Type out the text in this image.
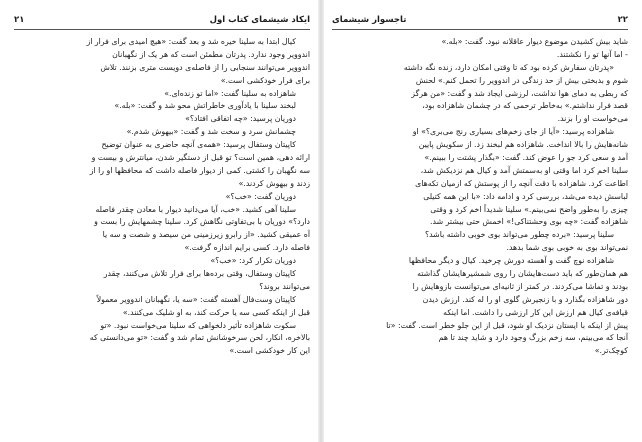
ایکاد شیشمای کتاب اول
۲۱

کیال ابتدا به سلینا خیره شد و بعد گفت: «هیچ امیدی برای فرار از

اندوویر وجود ندارد. پدرتان مطمئن است که هر یک از نگهبانان

اندوویر می‌توانند سنجابی را از فاصله‌ی دویست متری بزنند. تلاش

برای فرار خودکشی است.»

شاهزاده به سلینا گفت: «اما تو زنده‌ای.»

لبخند سلینا با یادآوری خاطراتش محو شد و گفت: «بله.»

دوریان پرسید: «چه اتفاقی افتاد؟»

چشمانش سرد و سخت شد و گفت: «بیهوش شدم.»

کاپیتان وستفال پرسید: «همه‌ی آنچه حاضری به عنوان توضیح

ارائه دهی، همین است؟ تو قبل از دستگیر شدن، میانترش و بیست و

سه نگهبان را کشتی. کمی از دیوار فاصله داشت که محافظها او را از

زدند و بیهوش کردند.»

دوریان گفت: «خب؟»

سلینا آهی کشید. «خب، آیا می‌دانید دیوار با معادن چقدر فاصله

دارد؟» دوریان با بی‌تفاوتی نگاهش کرد. سلینا چشمهایش را بست و

آه عمیقی کشید. «از رابرو زیرزمینی من سیصد و شصت و سه یا

فاصله دارد. کسی برایم اندازه گرفت.»

دوریان تکرار کرد: «خب؟»

کاپیتان وستفال، وقتی برده‌ها برای فرار تلاش می‌کنند، چقدر

می‌توانند بروند؟

کاپیتان وست‌فال آهسته گفت: «سه یا، نگهبانان اندوویر معمولاً

قبل از اینکه کسی سه یا حرکت کند، به او شلیک می‌کنند.»

سکوت شاهزاده تأثیر دلخواهی که سلینا می‌خواست نبود. «تو

بالاخره، انکار، لحن سرخوشانش تمام شد و گفت: «تو می‌دانستی که

این کار خودکشی است.»

۲۲
تاجسوار شیشمای

شاید بیش کشیدن موضوع دیوار عاقلانه نبود. گفت: «بله.»

- اما آنها تو را نکشتند.

«پدرتان سفارش کرده بود که تا وقتی امکان دارد، زنده نگه داشته

شوم و بدبختی بیش از حد زندگی در اندوویر را تحمل کنم.» لحنش

که ربطی به دمای هوا نداشت، لرزشی ایجاد شد و گفت: «من هرگز

قصد فرار نداشتم.» به‌خاطر ترحمی که در چشمان شاهزاده بود،

می‌خواست او را بزند.

شاهزاده پرسید: «آیا از جای زخم‌های بسیاری رنج می‌بری؟» او

شانه‌هایش را بالا انداخت. شاهزاده هم لبخند زد. از سکویش پایین

آمد و سعی کرد جو را عوض کند. گفت: «بگذار پشتت را ببینم.»

سلینا اخم کرد اما وقتی او به‌سمتش آمد و کیال هم نزدیکش شد،

اطاعت کرد. شاهزاده با دقت آنچه را از پوستش که ازمیان تکه‌های

لباسش دیده می‌شد، بررسی کرد و ادامه داد: «با این همه کتیلی

چیزی را به‌طور واضح نمی‌بینم.» سلینا شدیداً اخم کرد و وقتی

شاهزاده گفت: «چه بوی وحشتناکی!» اخمش حتی بیشتر شد.

سلینا پرسید: «برده چطور می‌تواند بوی خوبی داشته باشد؟

نمی‌تواند بوی به خوبی بوی شما بدهد.

شاهزاده نوچ گفت و آهسته دورش چرخید. کیال و دیگر محافظها

هم همان‌طور که باید دست‌هایشان را روی شمشیرهایشان گذاشته

بودند و تماشا می‌کردند. در کمتر از ثانیه‌ای می‌توانست بازوهایش را

دور شاهزاده بگذارد و با زنجیرش گلوی او را له کند. ارزش دیدن

قیافه‌ی کیال هم ارزش این کار ارزشی را داشت. اما اینکه

پیش از اینکه با ایستان نزدیک او شود، قبل از این جلو خطر است. گفت: «تا

آنجا که می‌بینم، سه زخم بزرگ وجود دارد و شاید چند تا هم

کوچک‌تر.»
